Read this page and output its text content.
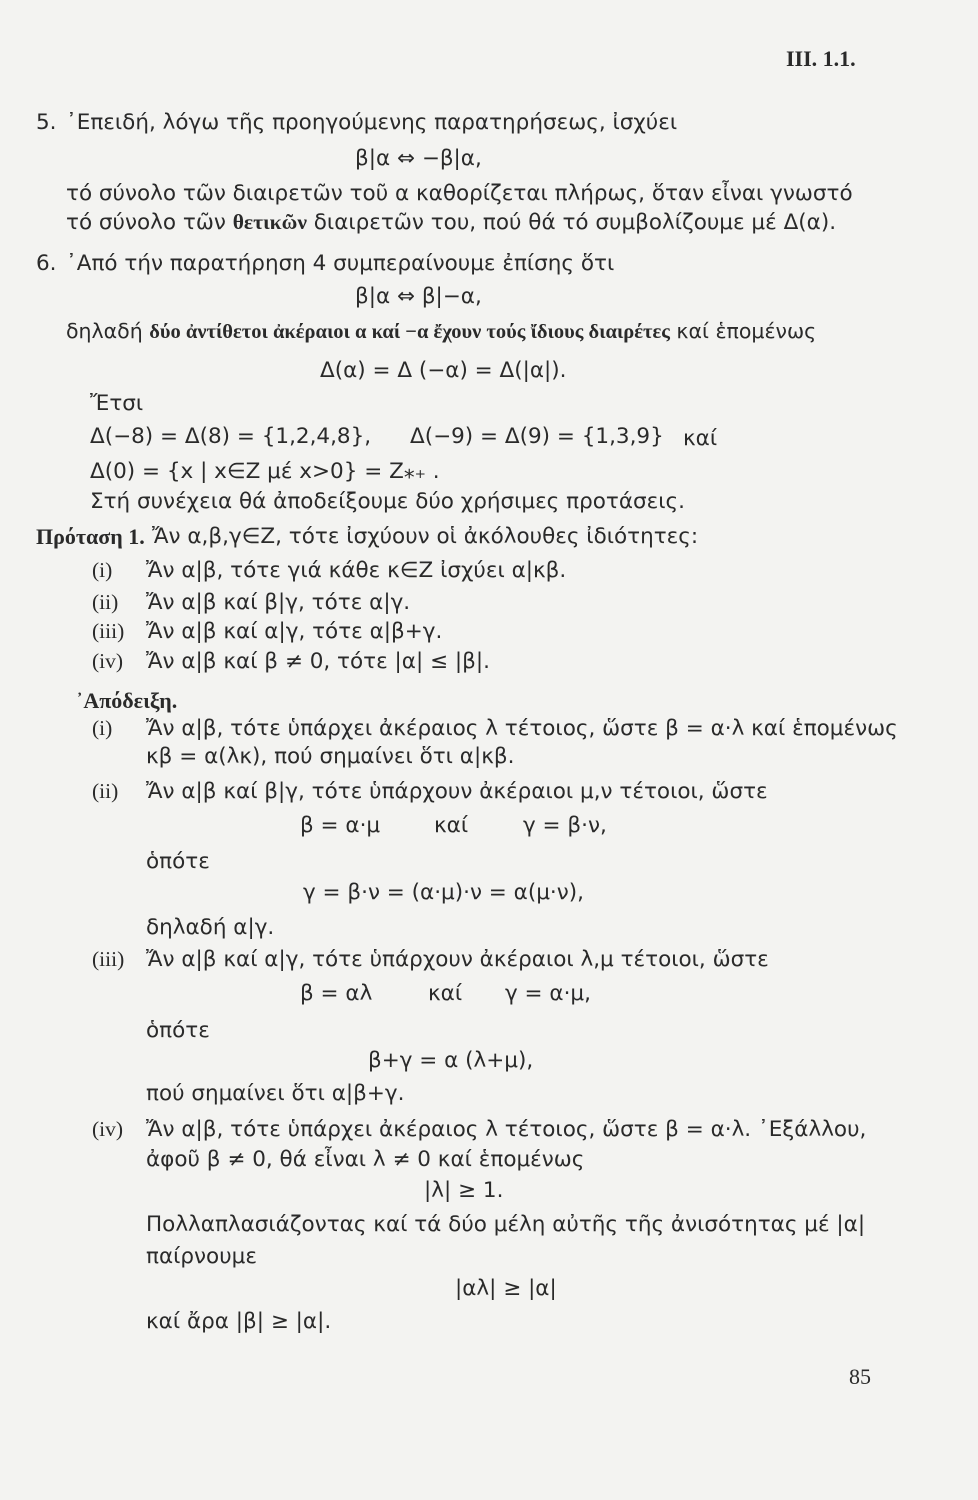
III. 1.1.
5. ᾿Επειδή, λόγω τῆς προηγούμενης παρατηρήσεως, ἰσχύει
β|α ⇔ −β|α,
τό σύνολο τῶν διαιρετῶν τοῦ α καθορίζεται πλήρως, ὅταν εἶναι γνωστό
τό σύνολο τῶν θετικῶν διαιρετῶν του, πού θά τό συμβολίζουμε μέ Δ(α).
6. ᾿Από τήν παρατήρηση 4 συμπεραίνουμε ἐπίσης ὅτι
β|α ⇔ β|−α,
δηλαδή δύο ἀντίθετοι ἀκέραιοι α καί −α ἔχουν τούς ἴδιους διαιρέτες καί ἑπομένως
Δ(α) = Δ (−α) = Δ(|α|).
Ἔτσι
Δ(−8) = Δ(8) = {1,2,4,8}, Δ(−9) = Δ(9) = {1,3,9} καί
Δ(0) = {x | x∈Z μέ x>0} = Z⁎₊ .
Στή συνέχεια θά ἀποδείξουμε δύο χρήσιμες προτάσεις.
Πρόταση 1. Ἄν α,β,γ∈Z, τότε ἰσχύουν οἱ ἀκόλουθες ἰδιότητες:
(i) Ἄν α|β, τότε γιά κάθε κ∈Z ἰσχύει α|κβ.
(ii) Ἄν α|β καί β|γ, τότε α|γ.
(iii) Ἄν α|β καί α|γ, τότε α|β+γ.
(iv) Ἄν α|β καί β ≠ 0, τότε |α| ≤ |β|.
᾿Απόδειξη.
(i) Ἄν α|β, τότε ὑπάρχει ἀκέραιος λ τέτοιος, ὥστε β = α·λ καί ἑπομένως
κβ = α(λκ), πού σημαίνει ὅτι α|κβ.
(ii) Ἄν α|β καί β|γ, τότε ὑπάρχουν ἀκέραιοι μ,ν τέτοιοι, ὥστε
β = α·μ	καί	γ = β·ν,
ὁπότε
γ = β·ν = (α·μ)·ν = α(μ·ν),
δηλαδή α|γ.
(iii) Ἄν α|β καί α|γ, τότε ὑπάρχουν ἀκέραιοι λ,μ τέτοιοι, ὥστε
β = αλ	καί γ = α·μ,
ὁπότε
β+γ = α (λ+μ),
πού σημαίνει ὅτι α|β+γ.
(iv) Ἄν α|β, τότε ὑπάρχει ἀκέραιος λ τέτοιος, ὥστε β = α·λ. ᾿Εξάλλου,
ἀφοῦ β ≠ 0, θά εἶναι λ ≠ 0 καί ἑπομένως
|λ| ≥ 1.
Πολλαπλασιάζοντας καί τά δύο μέλη αὐτῆς τῆς ἀνισότητας μέ |α|
παίρνουμε
|αλ| ≥ |α|
καί ἄρα |β| ≥ |α|.
85
